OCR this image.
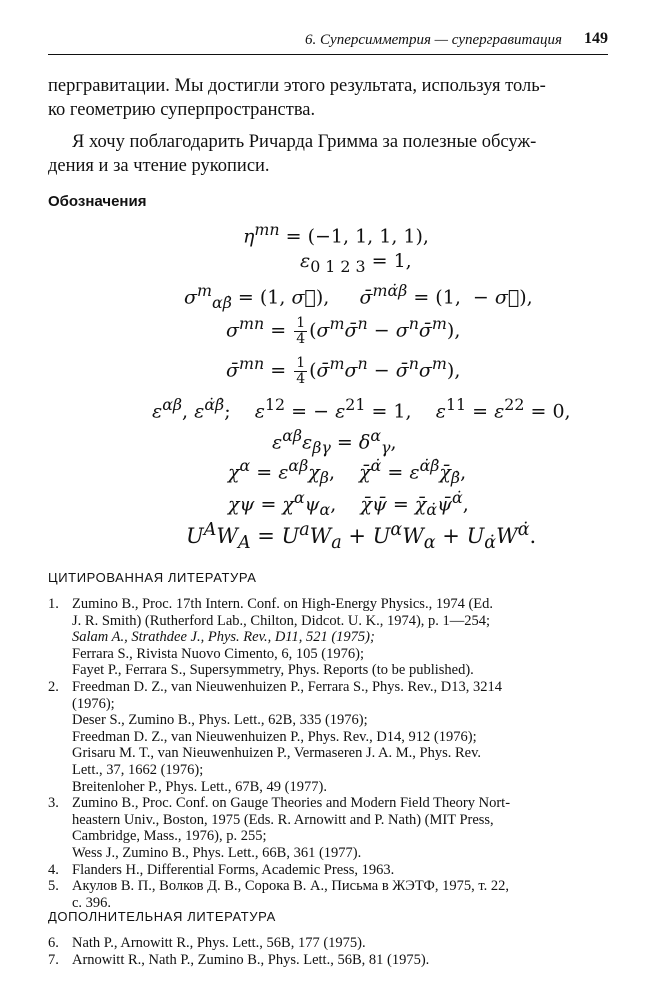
6. Суперсимметрия — супергравитация 149
пергравитации. Мы достигли этого результата, используя толь-
ко геометрию суперпространства.
Я хочу поблагодарить Ричарда Гримма за полезные обсуж-
дения и за чтение рукописи.
Обозначения
$\eta^{mn} = (-1$, 1, 1, 1),
$\varepsilon_{0 1 2 3} = 1$,
$\sigma^m_{\alpha\betȧ} = (1$, σ⃗),     σ̄$^{m\alphȧ\beta}$ = (1,  − σ⃗),
$\sigma^{mn} = \frac{1}{4}$ ($\sigma^m\sigmā^n$ − $\sigma^n\sigmā^m$),
σ̄$^{mn}$ = $\frac{1}{4}$ ($\sigmā^m\sigma^n$ − $\sigmā^n\sigma^m$),
$\varepsilon^{\alpha\beta}$, $\varepsilon^{\alphȧ\betȧ}$;    $\varepsilon^{12}$ = − $\varepsilon^{21} = 1$,    $\varepsilon^{11} = \varepsilon^{22} = 0$,
$\varepsilon^{\alpha\beta}\varepsilon_{\beta\gamma} = \delta^\alpha_\gamma$,
$\chi^\alpha = \varepsilon^{\alpha\beta}\chi_\beta$,    χ̄$^{\alphȧ}$ = $\varepsilon^{\alphȧ\betȧ}\chī_{\betȧ}$,
$\chi\psi = \chi^\alpha\psi_\alpha$,    χ̄ψ̄ = $\chī_{\alphȧ}\psī^{\alphȧ}$,
$U^AW_A = U^aW_a + U^\alpha W_\alpha + U_{\alphȧ}W^{\alphȧ}$.
ЦИТИРОВАННАЯ ЛИТЕРАТУРА
1. Zumino B., Proc. 17th Intern. Conf. on High-Energy Physics., 1974 (Ed.
J. R. Smith) (Rutherford Lab., Chilton, Didcot. U. K., 1974), p. 1—254;
Salam A., Strathdee J., Phys. Rev., D11, 521 (1975);
Ferrara S., Rivista Nuovo Cimento, 6, 105 (1976);
Fayet P., Ferrara S., Supersymmetry, Phys. Reports (to be published).
2. Freedman D. Z., van Nieuwenhuizen P., Ferrara S., Phys. Rev., D13, 3214
(1976);
Deser S., Zumino B., Phys. Lett., 62B, 335 (1976);
Freedman D. Z., van Nieuwenhuizen P., Phys. Rev., D14, 912 (1976);
Grisaru M. T., van Nieuwenhuizen P., Vermaseren J. A. M., Phys. Rev.
Lett., 37, 1662 (1976);
Breitenloher P., Phys. Lett., 67B, 49 (1977).
3. Zumino B., Proc. Conf. on Gauge Theories and Modern Field Theory Nort-
heastern Univ., Boston, 1975 (Eds. R. Arnowitt and P. Nath) (MIT Press,
Cambridge, Mass., 1976), p. 255;
Wess J., Zumino B., Phys. Lett., 66B, 361 (1977).
4. Flanders H., Differential Forms, Academic Press, 1963.
5. Акулов В. П., Волков Д. В., Сорока В. А., Письма в ЖЭТФ, 1975, т. 22,
с. 396.
ДОПОЛНИТЕЛЬНАЯ ЛИТЕРАТУРА
6. Nath P., Arnowitt R., Phys. Lett., 56B, 177 (1975).
7. Arnowitt R., Nath P., Zumino B., Phys. Lett., 56B, 81 (1975).
